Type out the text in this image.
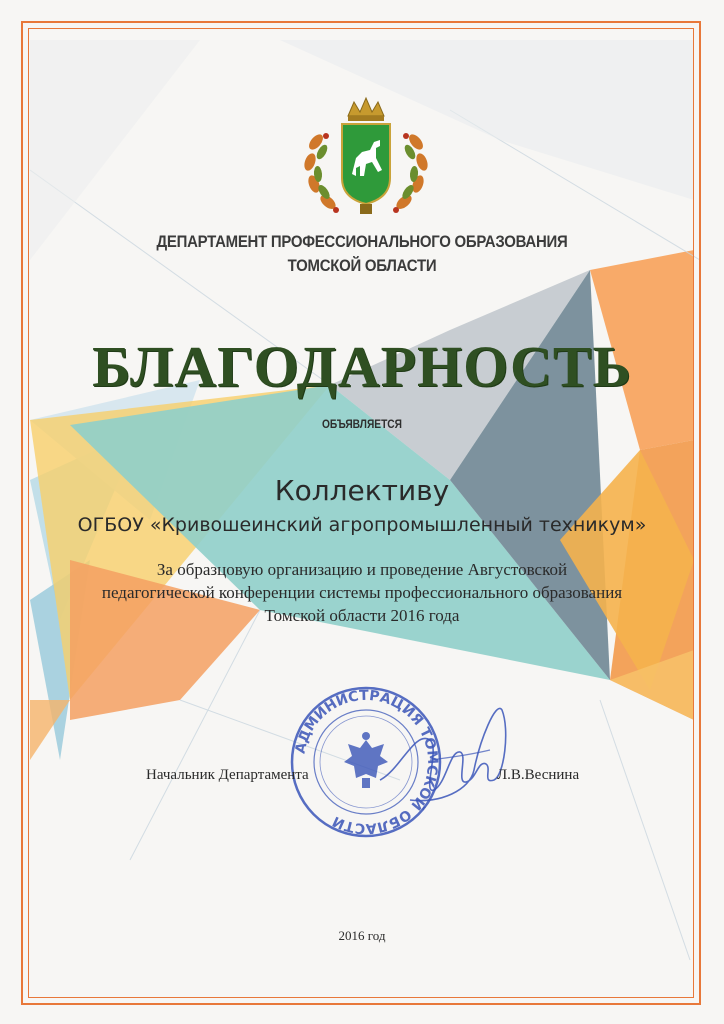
ДЕПАРТАМЕНТ ПРОФЕССИОНАЛЬНОГО ОБРАЗОВАНИЯ
ТОМСКОЙ ОБЛАСТИ
БЛАГОДАРНОСТЬ
ОБЪЯВЛЯЕТСЯ
Коллективу
ОГБОУ «Кривошеинский агропромышленный техникум»
За образцовую организацию и проведение Августовской
педагогической конференции системы профессионального образования
Томской области 2016 года
АДМИНИСТРАЦИЯ ТОМСКОЙ ОБЛАСТИ
Начальник Департамента	Л.В.Веснина
2016 год
